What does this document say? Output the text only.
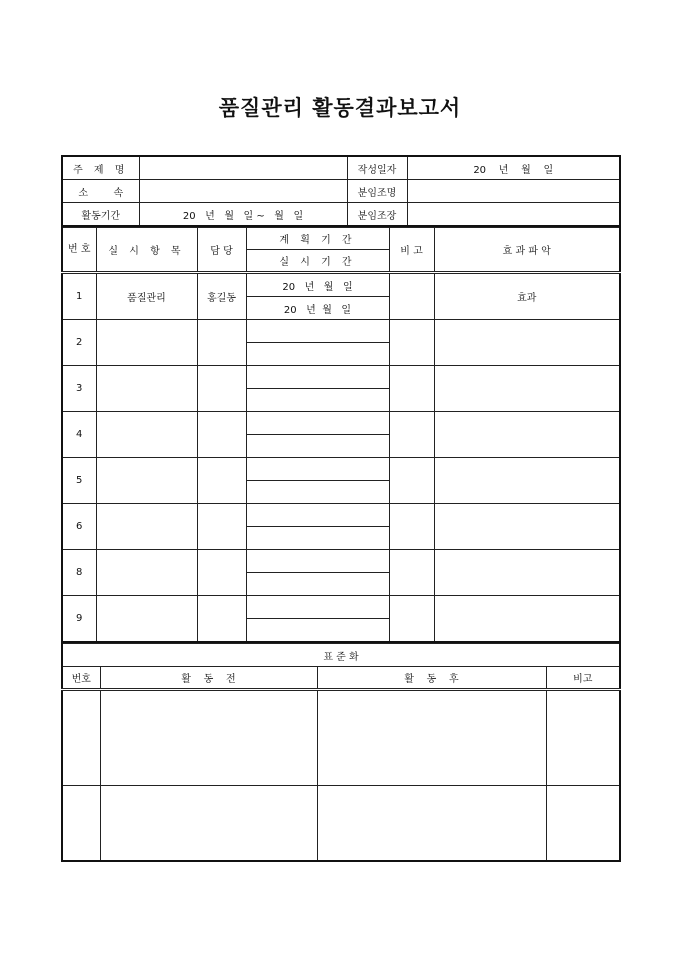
품질관리 활동결과보고서
주 제 명		작성일자	20    년    월    일
소        속		분임조명	
활동기간	20   년   월   일 ~   월   일	분임조장	
번 호	실 시 항 목	담 당	계 획 기 간	비 고	효 과 파 악
			실 시 기 간		
1	품질관리	홍길동	20   년   월   일		효과
			20   년  월   일		
2					

3					

4					

5					

6					

8					

9					

표 준 화			
번호	활    동    전	활    동    후	비고
